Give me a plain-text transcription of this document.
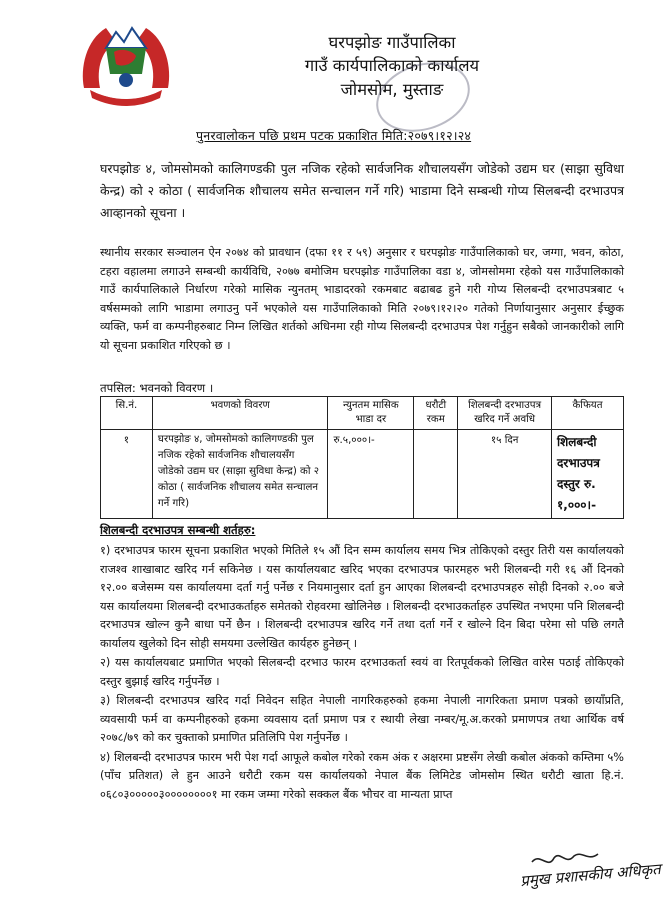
घरपझोङ गाउँपालिका
गाउँ कार्यपालिकाको कार्यालय
जोमसोम, मुस्ताङ
पुनरवालोकन पछि प्रथम पटक प्रकाशित मिति:२०७९।१२।२४
घरपझोङ ४, जोमसोमको कालिगण्डकी पुल नजिक रहेको सार्वजनिक शौचालयसँग जोडेको उद्यम घर (साझा सुविधा केन्द्र) को २ कोठा ( सार्वजनिक शौचालय समेत सन्चालन गर्ने गरि) भाडामा दिने सम्बन्धी गोप्य सिलबन्दी दरभाउपत्र आव्हानको सूचना ।
स्थानीय सरकार सञ्चालन ऐन २०७४ को प्रावधान (दफा ११ र ५९) अनुसार र घरपझोङ गाउँपालिकाको घर, जग्गा, भवन, कोठा, टहरा वहालमा लगाउने सम्बन्धी कार्यविधि, २०७७ बमोजिम घरपझोङ गाउँपालिका वडा ४, जोमसोममा रहेको यस गाउँपालिकाको गाउँ कार्यपालिकाले निर्धारण गरेको मासिक न्युनतम् भाडादरको रकमबाट बढाबढ हुने गरी गोप्य सिलबन्दी दरभाउपत्रबाट ५ वर्षसम्मको लागि भाडामा लगाउनु पर्ने भएकोले यस गाउँपालिकाको मिति २०७९।१२।२० गतेको निर्णायानुसार अनुसार ईच्छुक व्यक्ति, फर्म वा कम्पनीहरुबाट निम्न लिखित शर्तको अधिनमा रही गोप्य सिलबन्दी दरभाउपत्र पेश गर्नुहुन सबैको जानकारीको लागि यो सूचना प्रकाशित गरिएको छ ।
तपसिल: भवनको विवरण ।
सि.नं.	भवणको विवरण	न्युनतम मासिक भाडा दर	धरौटी रकम	शिलबन्दी दरभाउपत्र खरिद गर्ने अवधि	कैफियत
१	घरपझोङ ४, जोमसोमको कालिगण्डकी पुल नजिक रहेको सार्वजनिक शौचालयसँग जोडेको उद्यम घर (साझा सुविधा केन्द्र) को २ कोठा ( सार्वजनिक शौचालय समेत सन्चालन गर्ने गरि)	रु.५,०००।-		१५ दिन	शिलबन्दी दरभाउपत्र दस्तुर रु. १,०००।-
शिलबन्दी दरभाउपत्र सम्बन्धी शर्तहरु:

१) दरभाउपत्र फारम सूचना प्रकाशित भएको मितिले १५ औं दिन सम्म कार्यालय समय भित्र तोकिएको दस्तुर तिरी यस कार्यालयको राजश्व शाखाबाट खरिद गर्न सकिनेछ । यस कार्यालयबाट खरिद भएका दरभाउपत्र फारमहरु भरी शिलबन्दी गरी १६ औं दिनको १२.०० बजेसम्म यस कार्यालयमा दर्ता गर्नु पर्नेछ र नियमानुसार दर्ता हुन आएका शिलबन्दी दरभाउपत्रहरु सोही दिनको २.०० बजे यस कार्यालयमा शिलबन्दी दरभाउकर्ताहरु समेतको रोहवरमा खोलिनेछ । शिलबन्दी दरभाउकर्ताहरु उपस्थित नभएमा पनि शिलबन्दी दरभाउपत्र खोल्न कुनै बाधा पर्ने छैन । शिलबन्दी दरभाउपत्र खरिद गर्ने तथा दर्ता गर्ने र खोल्ने दिन बिदा परेमा सो पछि लगतै कार्यालय खुलेको दिन सोही समयमा उल्लेखित कार्यहरु हुनेछन् ।

२) यस कार्यालयबाट प्रमाणित भएको सिलबन्दी दरभाउ फारम दरभाउकर्ता स्वयं वा रितपूर्वकको लिखित वारेस पठाई तोकिएको दस्तुर बुझाई खरिद गर्नुपर्नेछ ।

३) शिलबन्दी दरभाउपत्र खरिद गर्दा निवेदन सहित नेपाली नागरिकहरुको हकमा नेपाली नागरिकता प्रमाण पत्रको छायाँप्रति, व्यवसायी फर्म वा कम्पनीहरुको हकमा व्यवसाय दर्ता प्रमाण पत्र र स्थायी लेखा नम्बर/मू.अ.करको प्रमाणपत्र तथा आर्थिक वर्ष २०७८/७९ को कर चुक्ताको प्रमाणित प्रतिलिपि पेश गर्नुपर्नेछ ।

४) शिलबन्दी दरभाउपत्र फारम भरी पेश गर्दा आफूले कबोल गरेको रकम अंक र अक्षरमा प्रष्टसँग लेखी कबोल अंकको कम्तिमा ५% (पाँच प्रतिशत) ले हुन आउने धरौटी रकम यस कार्यालयको नेपाल बैंक लिमिटेड जोमसोम स्थित धरौटी खाता हि.नं. ०६८०३०००००३००००००००१ मा रकम जम्मा गरेको सक्कल बैंक भौचर वा मान्यता प्राप्त

प्रमुख प्रशासकीय अधिकृत
